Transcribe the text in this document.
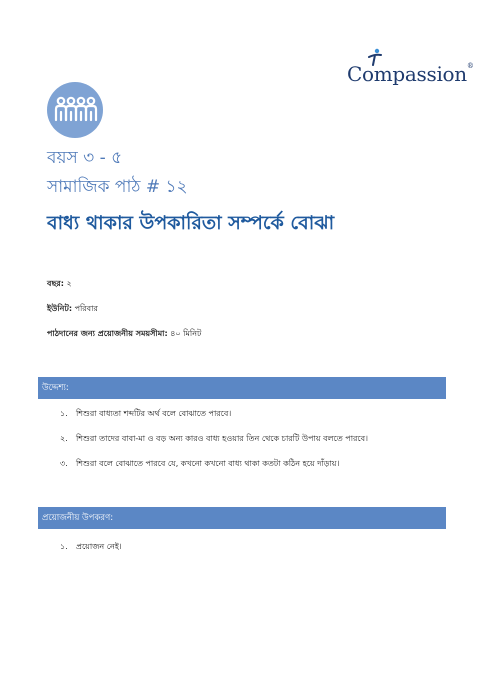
Compassion®
বয়স ৩ - ৫
সামাজিক পাঠ # ১২
বাধ্য থাকার উপকারিতা সম্পর্কে বোঝা
বছর: ২
ইউনিট: পরিবার
পাঠদানের জন্য প্রয়োজনীয় সময়সীমা: ৪০ মিনিট
উদ্দেশ্য:
১. শিশুরা বাধ্যতা শব্দটির অর্থ বলে বোঝাতে পারবে।
২. শিশুরা তাদের বাবা-মা ও বড় অন্য কারও বাধ্য হওয়ার তিন থেকে চারটি উপায় বলতে পারবে।
৩. শিশুরা বলে বোঝাতে পারবে যে, কখনো কখনো বাধ্য থাকা কতটা কঠিন হয়ে দাঁড়ায়।
প্রয়োজনীয় উপকরণ:
১. প্রয়োজন নেই।
